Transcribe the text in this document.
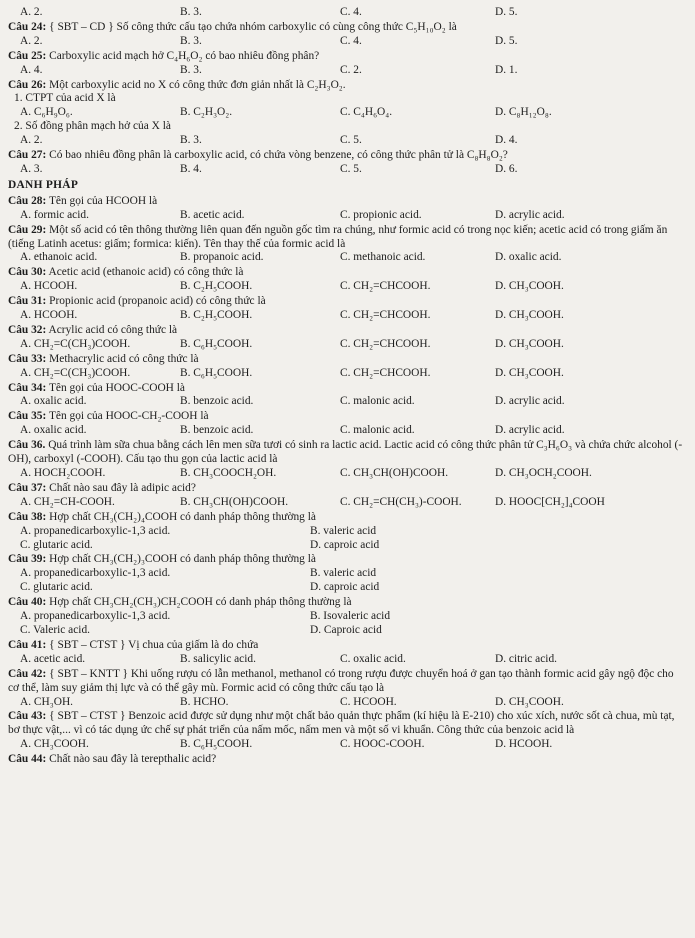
A. 2.	B. 3.	C. 4.	D. 5.
Câu 24: { SBT – CD } Số công thức cấu tạo chứa nhóm carboxylic có cùng công thức C₅H₁₀O₂ là
A. 2.	B. 3.	C. 4.	D. 5.
Câu 25: Carboxylic acid mạch hở C₄H₆O₂ có bao nhiêu đồng phân?
A. 4.	B. 3.	C. 2.	D. 1.
Câu 26: Một carboxylic acid no X có công thức đơn giản nhất là C₂H₃O₂.
1. CTPT của acid X là
A. C₆H₉O₆.	B. C₂H₃O₂.	C. C₄H₆O₄.	D. C₈H₁₂O₈.
2. Số đồng phân mạch hở của X là
A. 2.	B. 3.	C. 5.	D. 4.
Câu 27: Có bao nhiêu đồng phân là carboxylic acid, có chứa vòng benzene, có công thức phân tử là C₈H₈O₂?
A. 3.	B. 4.	C. 5.	D. 6.
DANH PHÁP
Câu 28: Tên gọi của HCOOH là
A. formic acid.	B. acetic acid.	C. propionic acid.	D. acrylic acid.
Câu 29: Một số acid có tên thông thường liên quan đến nguồn gốc tìm ra chúng, như formic acid có trong nọc kiến; acetic acid có trong giấm ăn (tiếng Latinh acetus: giấm; formica: kiến). Tên thay thế của formic acid là
A. ethanoic acid.	B. propanoic acid.	C. methanoic acid.	D. oxalic acid.
Câu 30: Acetic acid (ethanoic acid) có công thức là
A. HCOOH.	B. C₂H₅COOH.	C. CH₂=CHCOOH.	D. CH₃COOH.
Câu 31: Propionic acid (propanoic acid) có công thức là
A. HCOOH.	B. C₂H₅COOH.	C. CH₂=CHCOOH.	D. CH₃COOH.
Câu 32: Acrylic acid có công thức là
A. CH₂=C(CH₃)COOH.	B. C₆H₅COOH.	C. CH₂=CHCOOH.	D. CH₃COOH.
Câu 33: Methacrylic acid có công thức là
A. CH₂=C(CH₃)COOH.	B. C₆H₅COOH.	C. CH₂=CHCOOH.	D. CH₃COOH.
Câu 34: Tên gọi của HOOC-COOH là
A. oxalic acid.	B. benzoic acid.	C. malonic acid.	D. acrylic acid.
Câu 35: Tên gọi của HOOC-CH₂-COOH là
A. oxalic acid.	B. benzoic acid.	C. malonic acid.	D. acrylic acid.
Câu 36. Quá trình làm sữa chua bằng cách lên men sữa tươi có sinh ra lactic acid. Lactic acid có công thức phân tử C₃H₆O₃ và chứa chức alcohol (-OH), carboxyl (-COOH). Cấu tạo thu gọn của lactic acid là
A. HOCH₂COOH.	B. CH₃COOCH₂OH.	C. CH₃CH(OH)COOH.	D. CH₃OCH₂COOH.
Câu 37: Chất nào sau đây là adipic acid?
A. CH₂=CH-COOH.	B. CH₃CH(OH)COOH.	C. CH₂=CH(CH₃)-COOH.	D. HOOC[CH₂]₄COOH
Câu 38: Hợp chất CH₃(CH₂)₄COOH có danh pháp thông thường là
A. propanedicarboxylic-1,3 acid.	B. valeric acid
C. glutaric acid.	D. caproic acid
Câu 39: Hợp chất CH₃(CH₂)₃COOH có danh pháp thông thường là
A. propanedicarboxylic-1,3 acid.	B. valeric acid
C. glutaric acid.	D. caproic acid
Câu 40: Hợp chất CH₃CH₂(CH₃)CH₂COOH có danh pháp thông thường là
A. propanedicarboxylic-1,3 acid.	B. Isovaleric acid
C. Valeric acid.	D. Caproic acid
Câu 41: { SBT – CTST } Vị chua của giấm là do chứa
A. acetic acid.	B. salicylic acid.	C. oxalic acid.	D. citric acid.
Câu 42: { SBT – KNTT } Khi uống rượu có lẫn methanol, methanol có trong rượu được chuyển hoá ở gan tạo thành formic acid gây ngộ độc cho cơ thể, làm suy giảm thị lực và có thể gây mù. Formic acid có công thức cấu tạo là
A. CH₃OH.	B. HCHO.	C. HCOOH.	D. CH₃COOH.
Câu 43: { SBT – CTST } Benzoic acid được sử dụng như một chất bảo quản thực phẩm (kí hiệu là E-210) cho xúc xích, nước sốt cà chua, mù tạt, bơ thực vật,... vì có tác dụng ức chế sự phát triển của nấm mốc, nấm men và một số vi khuẩn. Công thức của benzoic acid là
A. CH₃COOH.	B. C₆H₅COOH.	C. HOOC-COOH.	D. HCOOH.
Câu 44: Chất nào sau đây là terepthalic acid?
